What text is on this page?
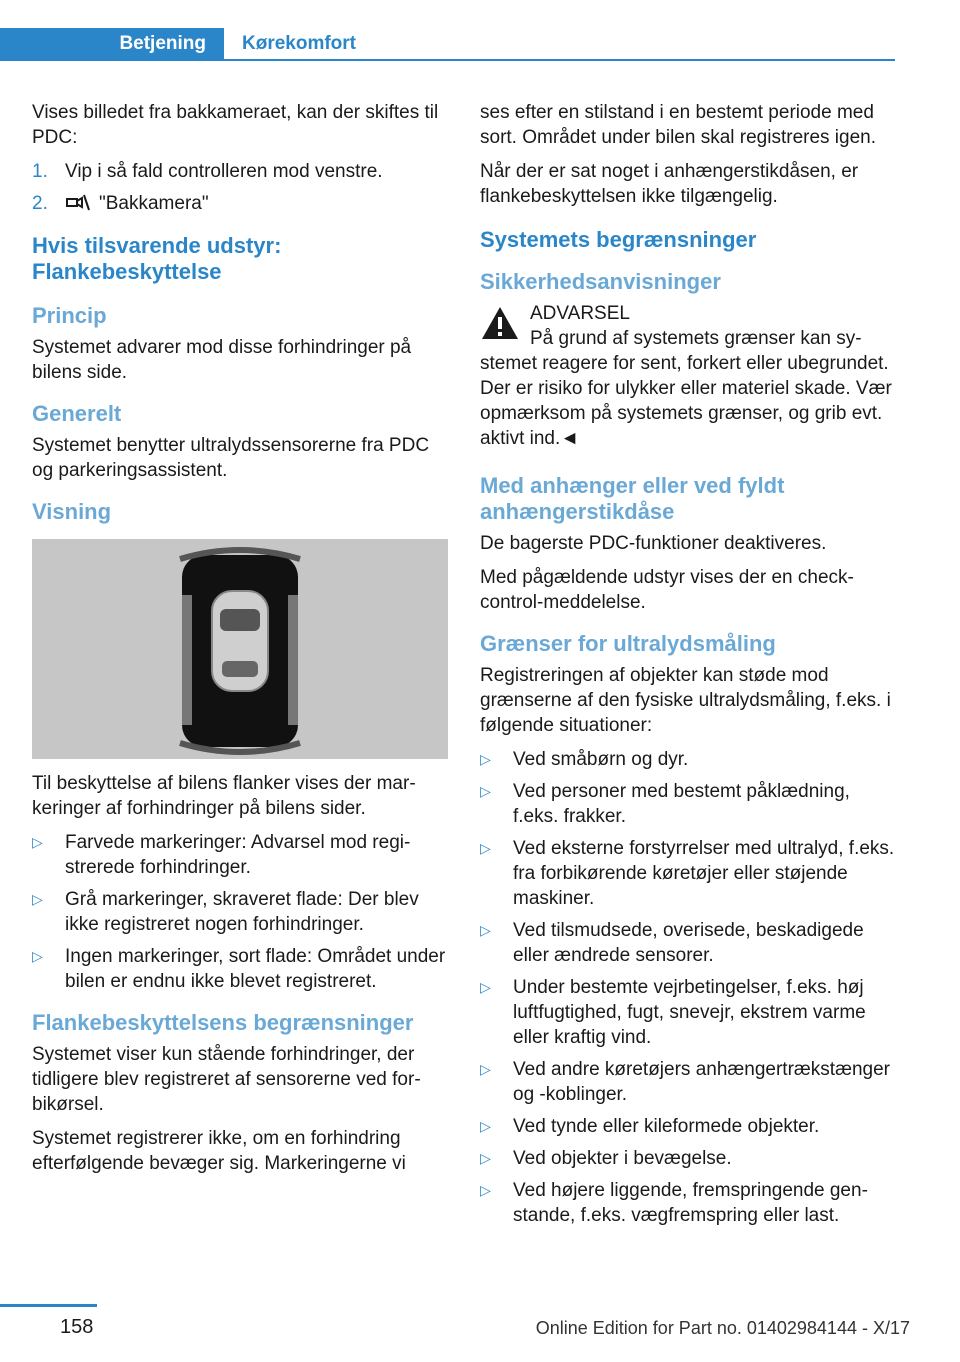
Betjening	Kørekomfort

Vises billedet fra bakkameraet, kan der skiftes til PDC:

1. Vip i så fald controlleren mod venstre.
2.	"Bakkamera"
Hvis tilsvarende udstyr: Flankebeskyttelse
Princip

Systemet advarer mod disse forhindringer på bilens side.

Generelt

Systemet benytter ultralydssensorerne fra PDC og parkeringsassistent.

Visning

Til beskyttelse af bilens flanker vises der markeringer af forhindringer på bilens sider.

▷ Farvede markeringer: Advarsel mod registrerede forhindringer.
▷ Grå markeringer, skraveret flade: Der blev ikke registreret nogen forhindringer.
▷ Ingen markeringer, sort flade: Området under bilen er endnu ikke blevet registreret.
Flankebeskyttelsens begrænsninger

Systemet viser kun stående forhindringer, der tidligere blev registreret af sensorerne ved forbikørsel.

Systemet registrerer ikke, om en forhindring efterfølgende bevæger sig. Markeringerne vi

ses efter en stilstand i en bestemt periode med sort. Området under bilen skal registreres igen.

Når der er sat noget i anhængerstikdåsen, er flankebeskyttelsen ikke tilgængelig.

Systemets begrænsninger
Sikkerhedsanvisninger
ADVARSEL

På grund af systemets grænser kan systemet reagere for sent, forkert eller ubegrundet. Der er risiko for ulykker eller materiel skade. Vær opmærksom på systemets grænser, og grib evt. aktivt ind.◄

Med anhænger eller ved fyldt anhængerstikdåse

De bagerste PDC-funktioner deaktiveres.

Med pågældende udstyr vises der en check-control-meddelelse.

Grænser for ultralydsmåling

Registreringen af objekter kan støde mod grænserne af den fysiske ultralydsmåling, f.eks. i følgende situationer:

▷ Ved småbørn og dyr.
▷ Ved personer med bestemt påklædning, f.eks. frakker.
▷ Ved eksterne forstyrrelser med ultralyd, f.eks. fra forbikørende køretøjer eller støjende maskiner.
▷ Ved tilsmudsede, overisede, beskadigede eller ændrede sensorer.
▷ Under bestemte vejrbetingelser, f.eks. høj luftfugtighed, fugt, snevejr, ekstrem varme eller kraftig vind.
▷ Ved andre køretøjers anhængertrækstænger og -koblinger.
▷ Ved tynde eller kileformede objekter.
▷ Ved objekter i bevægelse.
▷ Ved højere liggende, fremspringende genstande, f.eks. vægfremspring eller last.
158	Online Edition for Part no. 01402984144 - X/17
